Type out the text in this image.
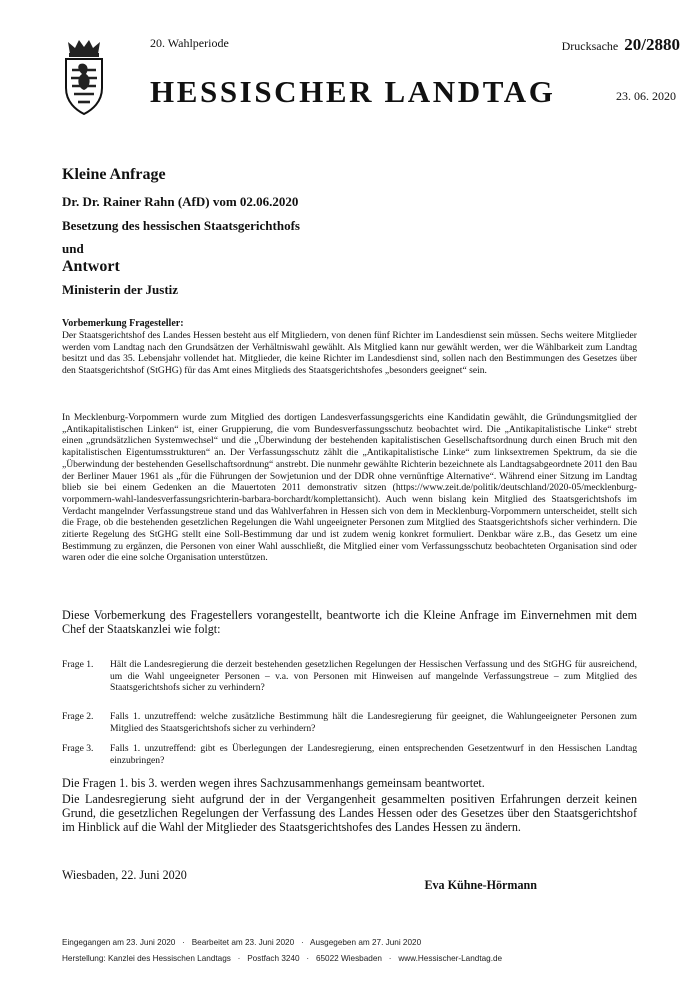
20. Wahlperiode	Drucksache 20/2880
HESSISCHER LANDTAG	23. 06. 2020
Kleine Anfrage
Dr. Dr. Rainer Rahn (AfD) vom 02.06.2020
Besetzung des hessischen Staatsgerichthofs
und
Antwort
Ministerin der Justiz
Vorbemerkung Fragesteller:
Der Staatsgerichtshof des Landes Hessen besteht aus elf Mitgliedern, von denen fünf Richter im Landesdienst sein müssen. Sechs weitere Mitglieder werden vom Landtag nach den Grundsätzen der Verhältniswahl gewählt. Als Mitglied kann nur gewählt werden, wer die Wählbarkeit zum Landtag besitzt und das 35. Lebensjahr vollendet hat. Mitglieder, die keine Richter im Landesdienst sind, sollen nach den Bestimmungen des Gesetzes über den Staatsgerichtshof (StGHG) für das Amt eines Mitglieds des Staatsgerichtshofes „besonders geeignet“ sein.
In Mecklenburg-Vorpommern wurde zum Mitglied des dortigen Landesverfassungsgerichts eine Kandidatin gewählt, die Gründungsmitglied der „Antikapitalistischen Linken“ ist, einer Gruppierung, die vom Bundesverfassungsschutz beobachtet wird. Die „Antikapitalistische Linke“ strebt einen „grundsätzlichen Systemwechsel“ und die „Überwindung der bestehenden kapitalistischen Gesellschaftsordnung durch einen Bruch mit den kapitalistischen Eigentumsstrukturen“ an. Der Verfassungsschutz zählt die „Antikapitalistische Linke“ zum linksextremen Spektrum, da sie die „Überwindung der bestehenden Gesellschaftsordnung“ anstrebt. Die nunmehr gewählte Richterin bezeichnete als Landtagsabgeordnete 2011 den Bau der Berliner Mauer 1961 als „für die Führungen der Sowjetunion und der DDR ohne vernünftige Alternative“. Während einer Sitzung im Landtag blieb sie bei einem Gedenken an die Mauertoten 2011 demonstrativ sitzen (https://www.zeit.de/politik/deutschland/2020-05/mecklenburg-vorpommern-wahl-landesverfassungsrichterin-barbara-borchardt/komplettansicht). Auch wenn bislang kein Mitglied des Staatsgerichtshofs im Verdacht mangelnder Verfassungstreue stand und das Wahlverfahren in Hessen sich von dem in Mecklenburg-Vorpommern unterscheidet, stellt sich die Frage, ob die bestehenden gesetzlichen Regelungen die Wahl ungeeigneter Personen zum Mitglied des Staatsgerichtshofs sicher verhindern. Die zitierte Regelung des StGHG stellt eine Soll-Bestimmung dar und ist zudem wenig konkret formuliert. Denkbar wäre z.B., das Gesetz um eine Bestimmung zu ergänzen, die Personen von einer Wahl ausschließt, die Mitglied einer vom Verfassungsschutz beobachteten Organisation sind oder waren oder die eine solche Organisation unterstützen.
Diese Vorbemerkung des Fragestellers vorangestellt, beantworte ich die Kleine Anfrage im Einvernehmen mit dem Chef der Staatskanzlei wie folgt:
Frage 1.	Hält die Landesregierung die derzeit bestehenden gesetzlichen Regelungen der Hessischen Verfassung und des StGHG für ausreichend, um die Wahl ungeeigneter Personen – v.a. von Personen mit Hinweisen auf mangelnde Verfassungstreue – zum Mitglied des Staatsgerichtshofs sicher zu verhindern?
Frage 2.	Falls 1. unzutreffend: welche zusätzliche Bestimmung hält die Landesregierung für geeignet, die Wahlungeeigneter Personen zum Mitglied des Staatsgerichtshofs sicher zu verhindern?
Frage 3.	Falls 1. unzutreffend: gibt es Überlegungen der Landesregierung, einen entsprechenden Gesetzentwurf in den Hessischen Landtag einzubringen?
Die Fragen 1. bis 3. werden wegen ihres Sachzusammenhangs gemeinsam beantwortet.
Die Landesregierung sieht aufgrund der in der Vergangenheit gesammelten positiven Erfahrungen derzeit keinen Grund, die gesetzlichen Regelungen der Verfassung des Landes Hessen oder des Gesetzes über den Staatsgerichtshof im Hinblick auf die Wahl der Mitglieder des Staatsgerichtshofes des Landes Hessen zu ändern.
Wiesbaden, 22. Juni 2020
Eva Kühne-Hörmann
Eingegangen am 23. Juni 2020   ·   Bearbeitet am 23. Juni 2020   ·   Ausgegeben am 27. Juni 2020
Herstellung: Kanzlei des Hessischen Landtags   ·   Postfach 3240   ·   65022 Wiesbaden   ·   www.Hessischer-Landtag.de
